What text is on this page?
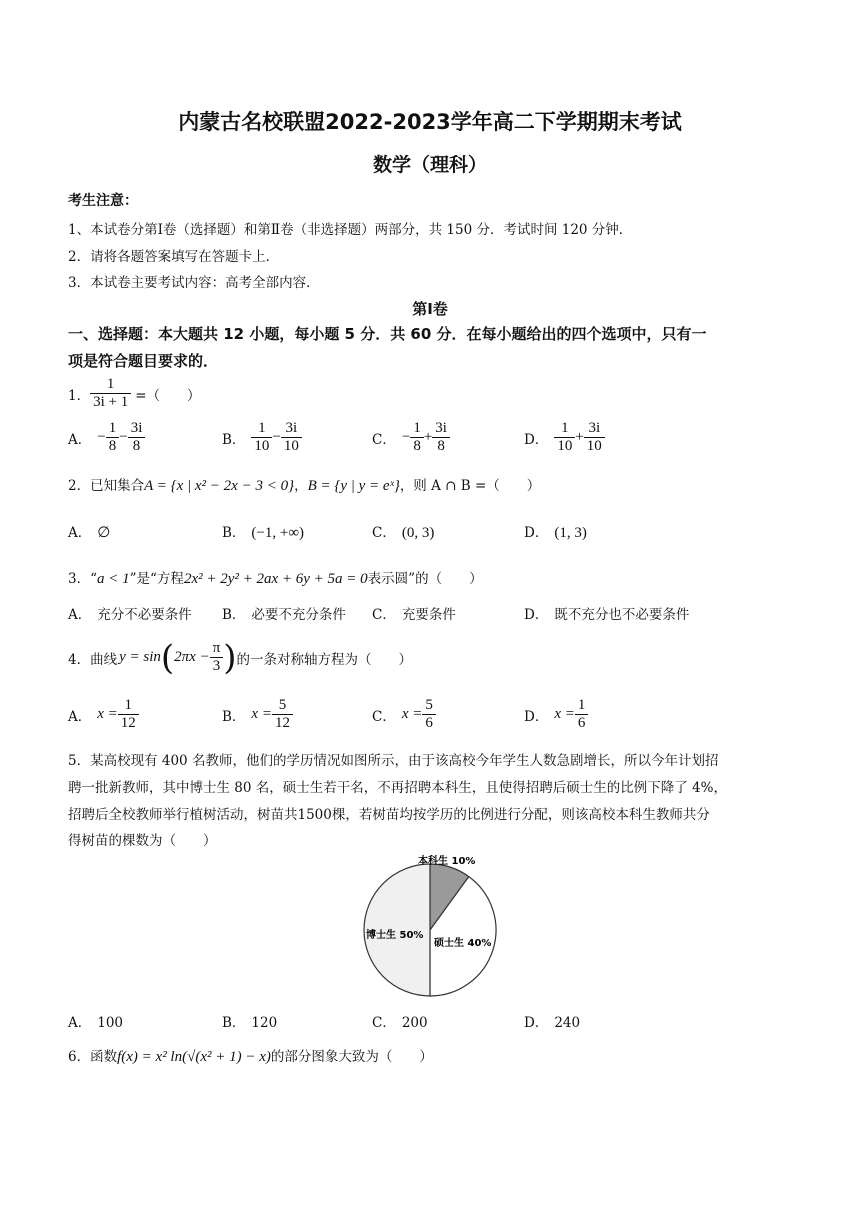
内蒙古名校联盟2022-2023学年高二下学期期末考试
数学（理科）
考生注意：
1、本试卷分第Ⅰ卷（选择题）和第Ⅱ卷（非选择题）两部分，共 150 分．考试时间 120 分钟．
2．请将各题答案填写在答题卡上．
3．本试卷主要考试内容：高考全部内容．
第Ⅰ卷
一、选择题：本大题共 12 小题，每小题 5 分．共 60 分．在每小题给出的四个选项中，只有一
项是符合题目要求的．
1． $\frac{1}{3i + 1}$ =（　　）
A． − $\frac{1}{8} - \frac{3i}{8}$	B． $\frac{1}{10} - \frac{3i}{10}$	C． − $\frac{1}{8} + \frac{3i}{8}$	D． $\frac{1}{10} + \frac{3i}{10}$
2．已知集合A = {x | x² − 2x − 3 < 0}，B = {y | y = eˣ}，则 A ∩ B =（　　）
A． ∅	B． (−1, +∞)	C． (0, 3)	D． (1, 3)
3．“a < 1”是“方程2x² + 2y² + 2ax + 6y + 5a = 0表示圆”的（　　）
A． 充分不必要条件 B． 必要不充分条件 C． 充要条件	D． 既不充分也不必要条件
4．曲线 y = sin ( $2\pi x - \frac{\pi}{3}$ ) 的一条对称轴方程为（　　）
A． $x = \frac{1}{12}$	B． $x = \frac{5}{12}$	C． $x = \frac{5}{6}$	D． $x = \frac{1}{6}$
5．某高校现有 400 名教师，他们的学历情况如图所示，由于该高校今年学生人数急剧增长，所以今年计划招
聘一批新教师，其中博士生 80 名，硕士生若干名，不再招聘本科生，且使得招聘后硕士生的比例下降了 4%，
招聘后全校教师举行植树活动，树苗共1500棵，若树苗均按学历的比例进行分配，则该高校本科生教师共分
得树苗的棵数为（　　）
本科生 10%
硕士生 40%
博士生 50%
A． 100	B． 120	C． 200	D． 240
6．函数f(x) = x² ln(√(x² + 1) − x)的部分图象大致为（　　）
